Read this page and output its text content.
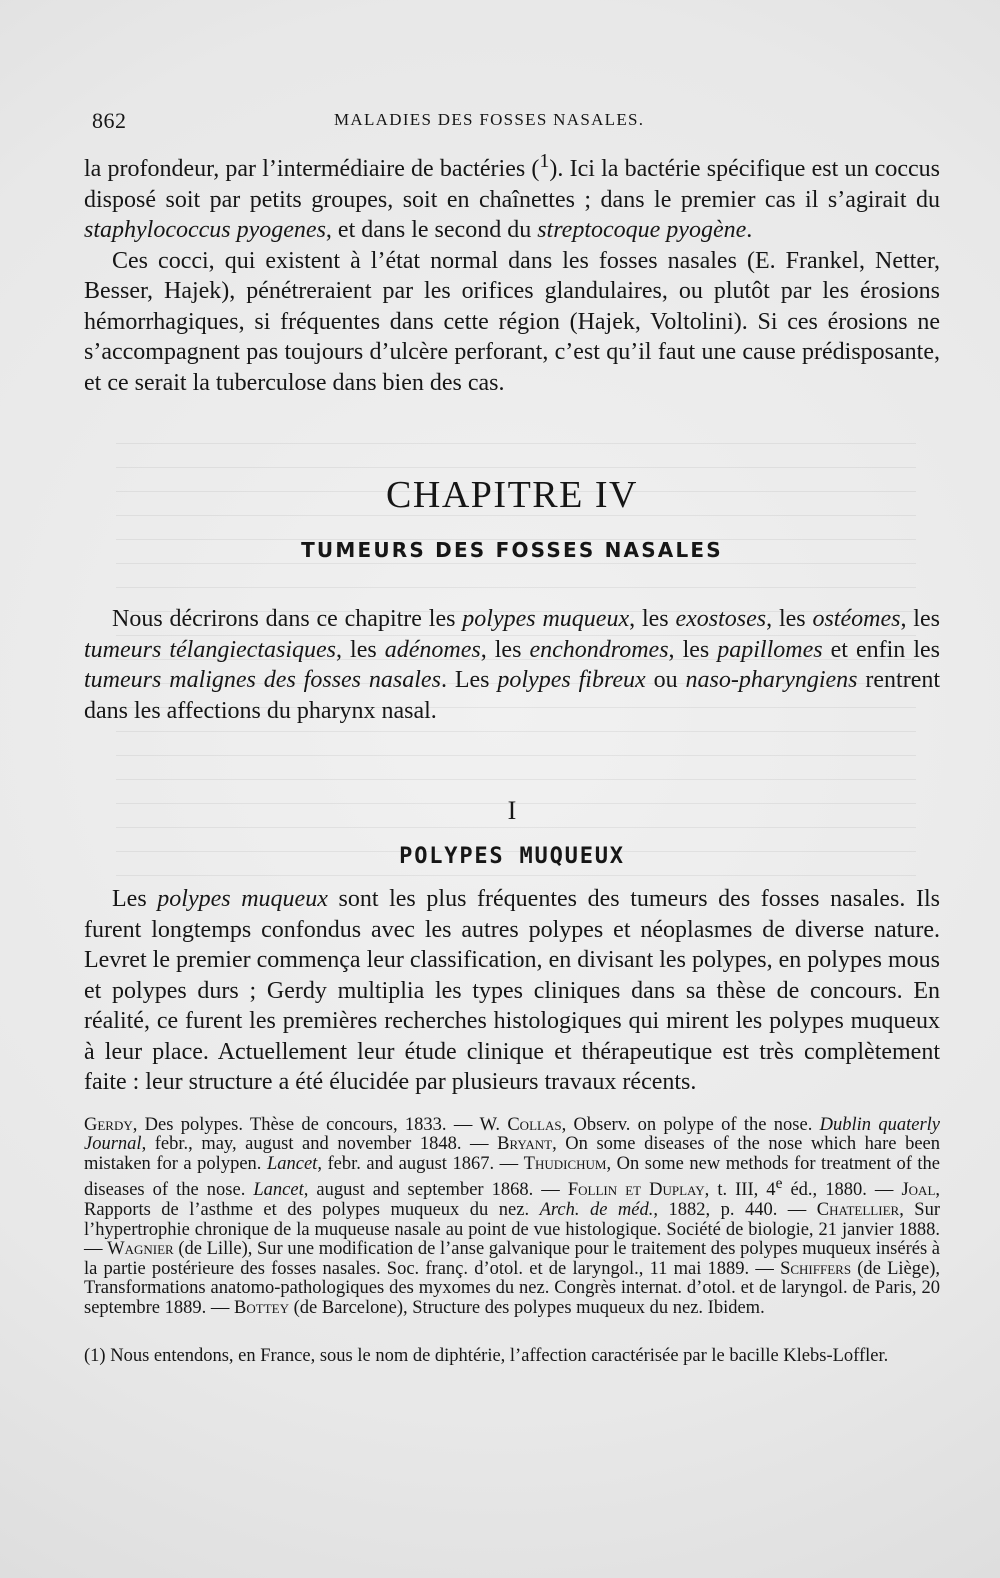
862	MALADIES DES FOSSES NASALES.

la profondeur, par l’intermédiaire de bactéries ($^1$). Ici la bactérie spécifique est un coccus disposé soit par petits groupes, soit en chaînettes ; dans le premier cas il s’agirait du staphylococcus pyogenes, et dans le second du streptocoque pyogène.

Ces cocci, qui existent à l’état normal dans les fosses nasales (E. Frankel, Netter, Besser, Hajek), pénétreraient par les orifices glandulaires, ou plutôt par les érosions hémorrhagiques, si fréquentes dans cette région (Hajek, Voltolini). Si ces érosions ne s’accompagnent pas toujours d’ulcère perforant, c’est qu’il faut une cause prédisposante, et ce serait la tuberculose dans bien des cas.

CHAPITRE IV
TUMEURS DES FOSSES NASALES

Nous décrirons dans ce chapitre les polypes muqueux, les exostoses, les ostéomes, les tumeurs télangiectasiques, les adénomes, les enchondromes, les papillomes et enfin les tumeurs malignes des fosses nasales. Les polypes fibreux ou naso-pharyngiens rentrent dans les affections du pharynx nasal.

I
POLYPES MUQUEUX

Les polypes muqueux sont les plus fréquentes des tumeurs des fosses nasales. Ils furent longtemps confondus avec les autres polypes et néoplasmes de diverse nature. Levret le premier commença leur classification, en divisant les polypes, en polypes mous et polypes durs ; Gerdy multiplia les types cliniques dans sa thèse de concours. En réalité, ce furent les premières recherches histologiques qui mirent les polypes muqueux à leur place. Actuellement leur étude clinique et thérapeutique est très complètement faite : leur structure a été élucidée par plusieurs travaux récents.

Gerdy, Des polypes. Thèse de concours, 1833. — W. Collas, Observ. on polype of the nose. Dublin quaterly Journal, febr., may, august and november 1848. — Bryant, On some diseases of the nose which hare been mistaken for a polypen. Lancet, febr. and august 1867. — Thudichum, On some new methods for treatment of the diseases of the nose. Lancet, august and september 1868. — Follin et Duplay, t. III, 4e éd., 1880. — Joal, Rapports de l’asthme et des polypes muqueux du nez. Arch. de méd., 1882, p. 440. — Chatellier, Sur l’hypertrophie chronique de la muqueuse nasale au point de vue histologique. Société de biologie, 21 janvier 1888. — Wagnier (de Lille), Sur une modification de l’anse galvanique pour le traitement des polypes muqueux insérés à la partie postérieure des fosses nasales. Soc. franç. d’otol. et de laryngol., 11 mai 1889. — Schiffers (de Liège), Transformations anatomo-pathologiques des myxomes du nez. Congrès internat. d’otol. et de laryngol. de Paris, 20 septembre 1889. — Bottey (de Barcelone), Structure des polypes muqueux du nez. Ibidem.

(1) Nous entendons, en France, sous le nom de diphtérie, l’affection caractérisée par le bacille Klebs-Loffler.
